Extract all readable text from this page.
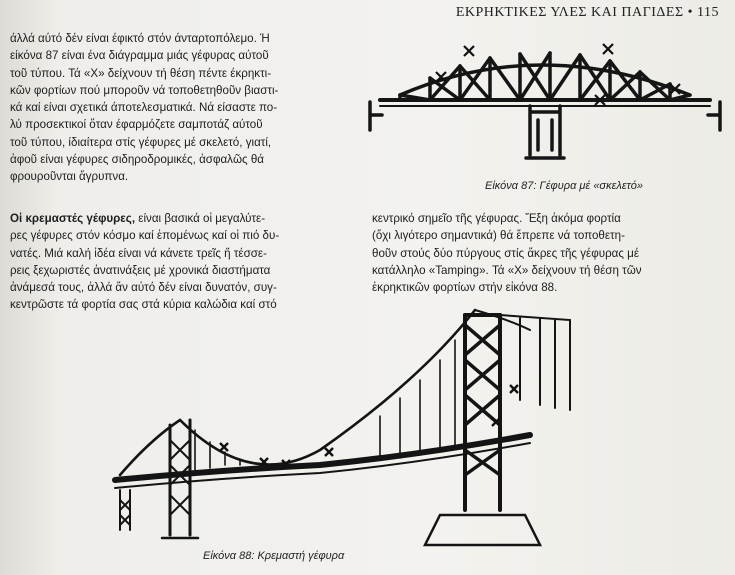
ΕΚΡΗΚΤΙΚΕΣ ΥΛΕΣ ΚΑΙ ΠΑΓΙΔΕΣ • 115
άλλά αύτό δέν είναι έφικτό στόν άνταρτοπόλεμο. Ή
είκόνα 87 είναι ένα διάγραμμα μιάς γέφυρας αύτοῦ
τοῦ τύπου. Τά «Χ» δείχνουν τή θέση πέντε έκρηκτι-
κῶν φορτίων πού μποροῦν νά τοποθετηθοῦν βιαστι-
κά καί είναι σχετικά άποτελεσματικά. Νά είσαστε πο-
λύ προσεκτικοί ὅταν έφαρμόζετε σαμποτάζ αύτοῦ
τοῦ τύπου, ίδιαίτερα στίς γέφυρες μέ σκελετό, γιατί,
ἀφοῦ είναι γέφυρες σιδηροδρομικές, ἀσφαλῶς θά
φρουροῦνται ἄγρυπνα.
Εἰκόνα 87: Γέφυρα μέ «σκελετό»
Οἱ κρεμαστές γέφυρες, είναι βασικά οἱ μεγαλύτε-
ρες γέφυρες στόν κόσμο καί ἑπομένως καί οἱ πιό δυ-
νατές. Μιά καλή ἰδέα είναι νά κάνετε τρεῖς ἤ τέσσε-
ρεις ξεχωριστές ἀνατινάξεις μέ χρονικά διαστήματα
ἀνάμεσά τους, ἀλλά ἄν αὐτό δέν είναι δυνατόν, συγ-
κεντρῶστε τά φορτία σας στά κύρια καλώδια καί στό
κεντρικό σημεῖο τῆς γέφυρας. Ἕξη ἀκόμα φορτία
(ὄχι λιγότερο σημαντικά) θά ἔπρεπε νά τοποθετη-
θοῦν στούς δύο πύργους στίς ἄκρες τῆς γέφυρας μέ
κατάλληλο «Tamping». Τά «Χ» δείχνουν τή θέση τῶν
ἐκρηκτικῶν φορτίων στήν εἰκόνα 88.
Εἰκόνα 88: Κρεμαστή γέφυρα
